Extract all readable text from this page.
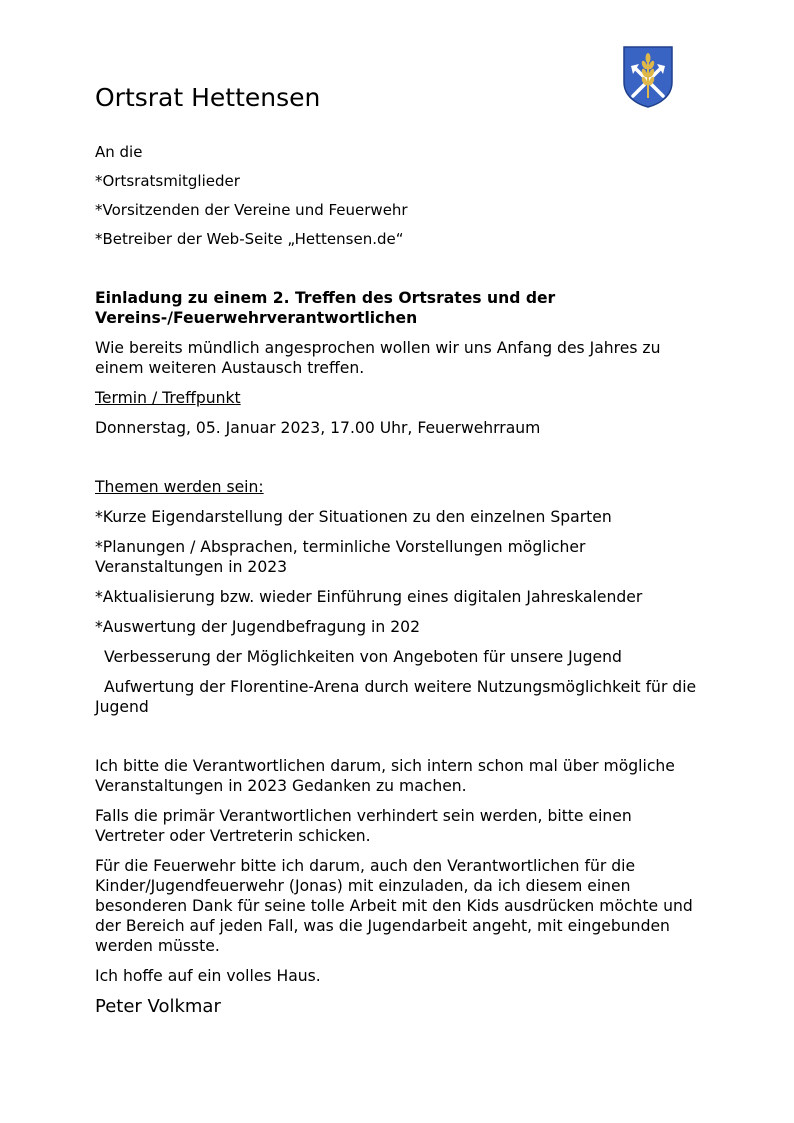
Ortsrat Hettensen
An die
*Ortsratsmitglieder
*Vorsitzenden der Vereine und Feuerwehr
*Betreiber der Web-Seite „Hettensen.de“

Einladung zu einem 2. Treffen des Ortsrates und der Vereins-/Feuerwehrverantwortlichen

Wie bereits mündlich angesprochen wollen wir uns Anfang des Jahres zu einem weiteren Austausch treffen.

Termin / Treffpunkt

Donnerstag, 05. Januar 2023, 17.00 Uhr, Feuerwehrraum

Themen werden sein:

*Kurze Eigendarstellung der Situationen zu den einzelnen Sparten

*Planungen / Absprachen, terminliche Vorstellungen möglicher Veranstaltungen in 2023

*Aktualisierung bzw. wieder Einführung eines digitalen Jahreskalender

*Auswertung der Jugendbefragung in 202

Verbesserung der Möglichkeiten von Angeboten für unsere Jugend

Aufwertung der Florentine-Arena durch weitere Nutzungsmöglichkeit für die Jugend

Ich bitte die Verantwortlichen darum, sich intern schon mal über mögliche Veranstaltungen in 2023 Gedanken zu machen.

Falls die primär Verantwortlichen verhindert sein werden, bitte einen Vertreter oder Vertreterin schicken.

Für die Feuerwehr bitte ich darum, auch den Verantwortlichen für die Kinder/Jugendfeuerwehr (Jonas) mit einzuladen, da ich diesem einen besonderen Dank für seine tolle Arbeit mit den Kids ausdrücken möchte und der Bereich auf jeden Fall, was die Jugendarbeit angeht, mit eingebunden werden müsste.

Ich hoffe auf ein volles Haus.

Peter Volkmar
